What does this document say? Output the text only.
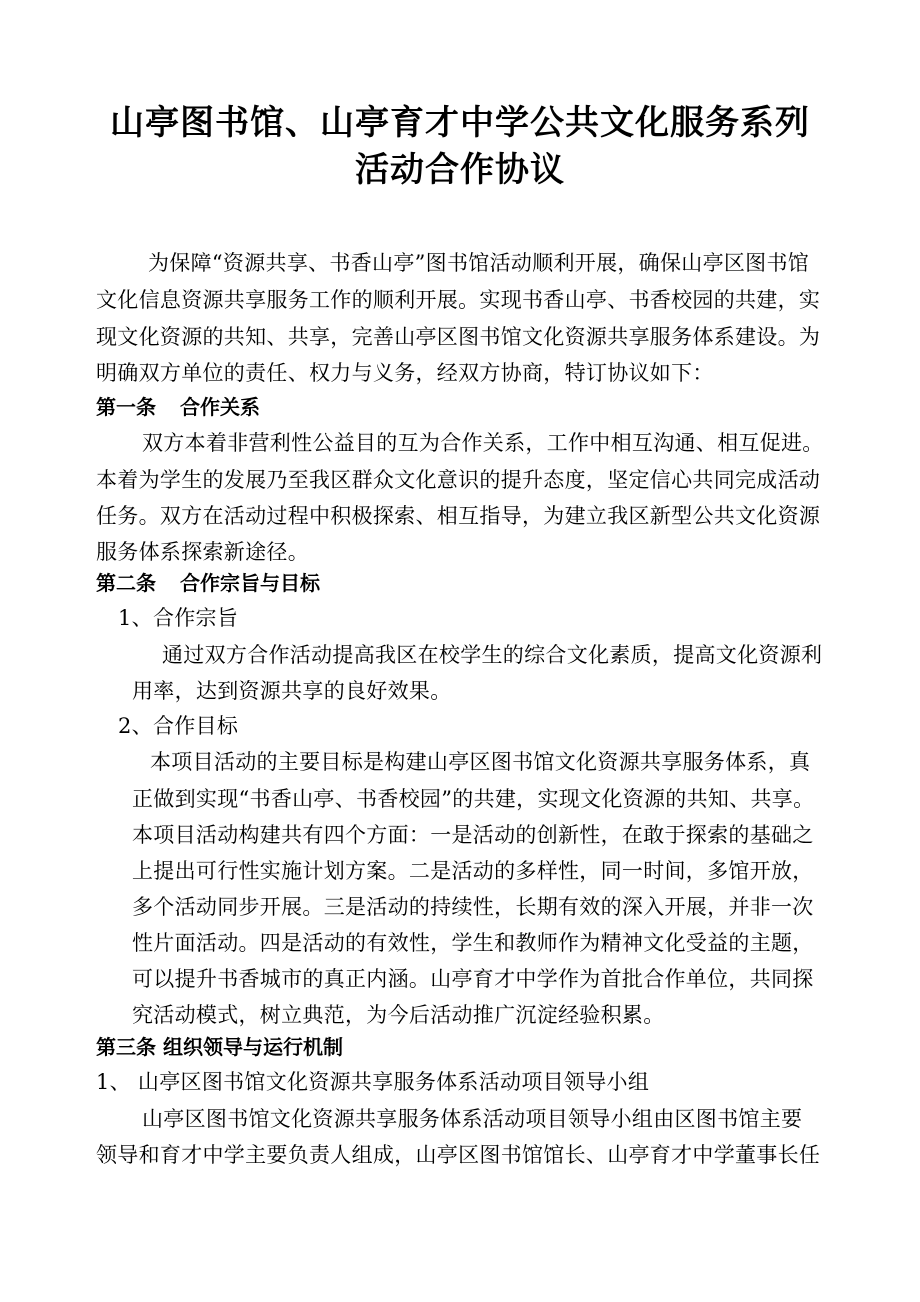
山亭图书馆、山亭育才中学公共文化服务系列
活动合作协议
为保障“资源共享、书香山亭”图书馆活动顺利开展，确保山亭区图书馆
文化信息资源共享服务工作的顺利开展。实现书香山亭、书香校园的共建，实
现文化资源的共知、共享，完善山亭区图书馆文化资源共享服务体系建设。为
明确双方单位的责任、权力与义务，经双方协商，特订协议如下：
第一条 合作关系
双方本着非营利性公益目的互为合作关系，工作中相互沟通、相互促进。
本着为学生的发展乃至我区群众文化意识的提升态度，坚定信心共同完成活动
任务。双方在活动过程中积极探索、相互指导，为建立我区新型公共文化资源
服务体系探索新途径。
第二条 合作宗旨与目标
1、合作宗旨
通过双方合作活动提高我区在校学生的综合文化素质，提高文化资源利
用率，达到资源共享的良好效果。
2、合作目标
本项目活动的主要目标是构建山亭区图书馆文化资源共享服务体系，真
正做到实现“书香山亭、书香校园”的共建，实现文化资源的共知、共享。
本项目活动构建共有四个方面：一是活动的创新性，在敢于探索的基础之
上提出可行性实施计划方案。二是活动的多样性，同一时间，多馆开放，
多个活动同步开展。三是活动的持续性，长期有效的深入开展，并非一次
性片面活动。四是活动的有效性，学生和教师作为精神文化受益的主题，
可以提升书香城市的真正内涵。山亭育才中学作为首批合作单位，共同探
究活动模式，树立典范，为今后活动推广沉淀经验积累。
第三条 组织领导与运行机制
1、 山亭区图书馆文化资源共享服务体系活动项目领导小组
山亭区图书馆文化资源共享服务体系活动项目领导小组由区图书馆主要
领导和育才中学主要负责人组成，山亭区图书馆馆长、山亭育才中学董事长任
